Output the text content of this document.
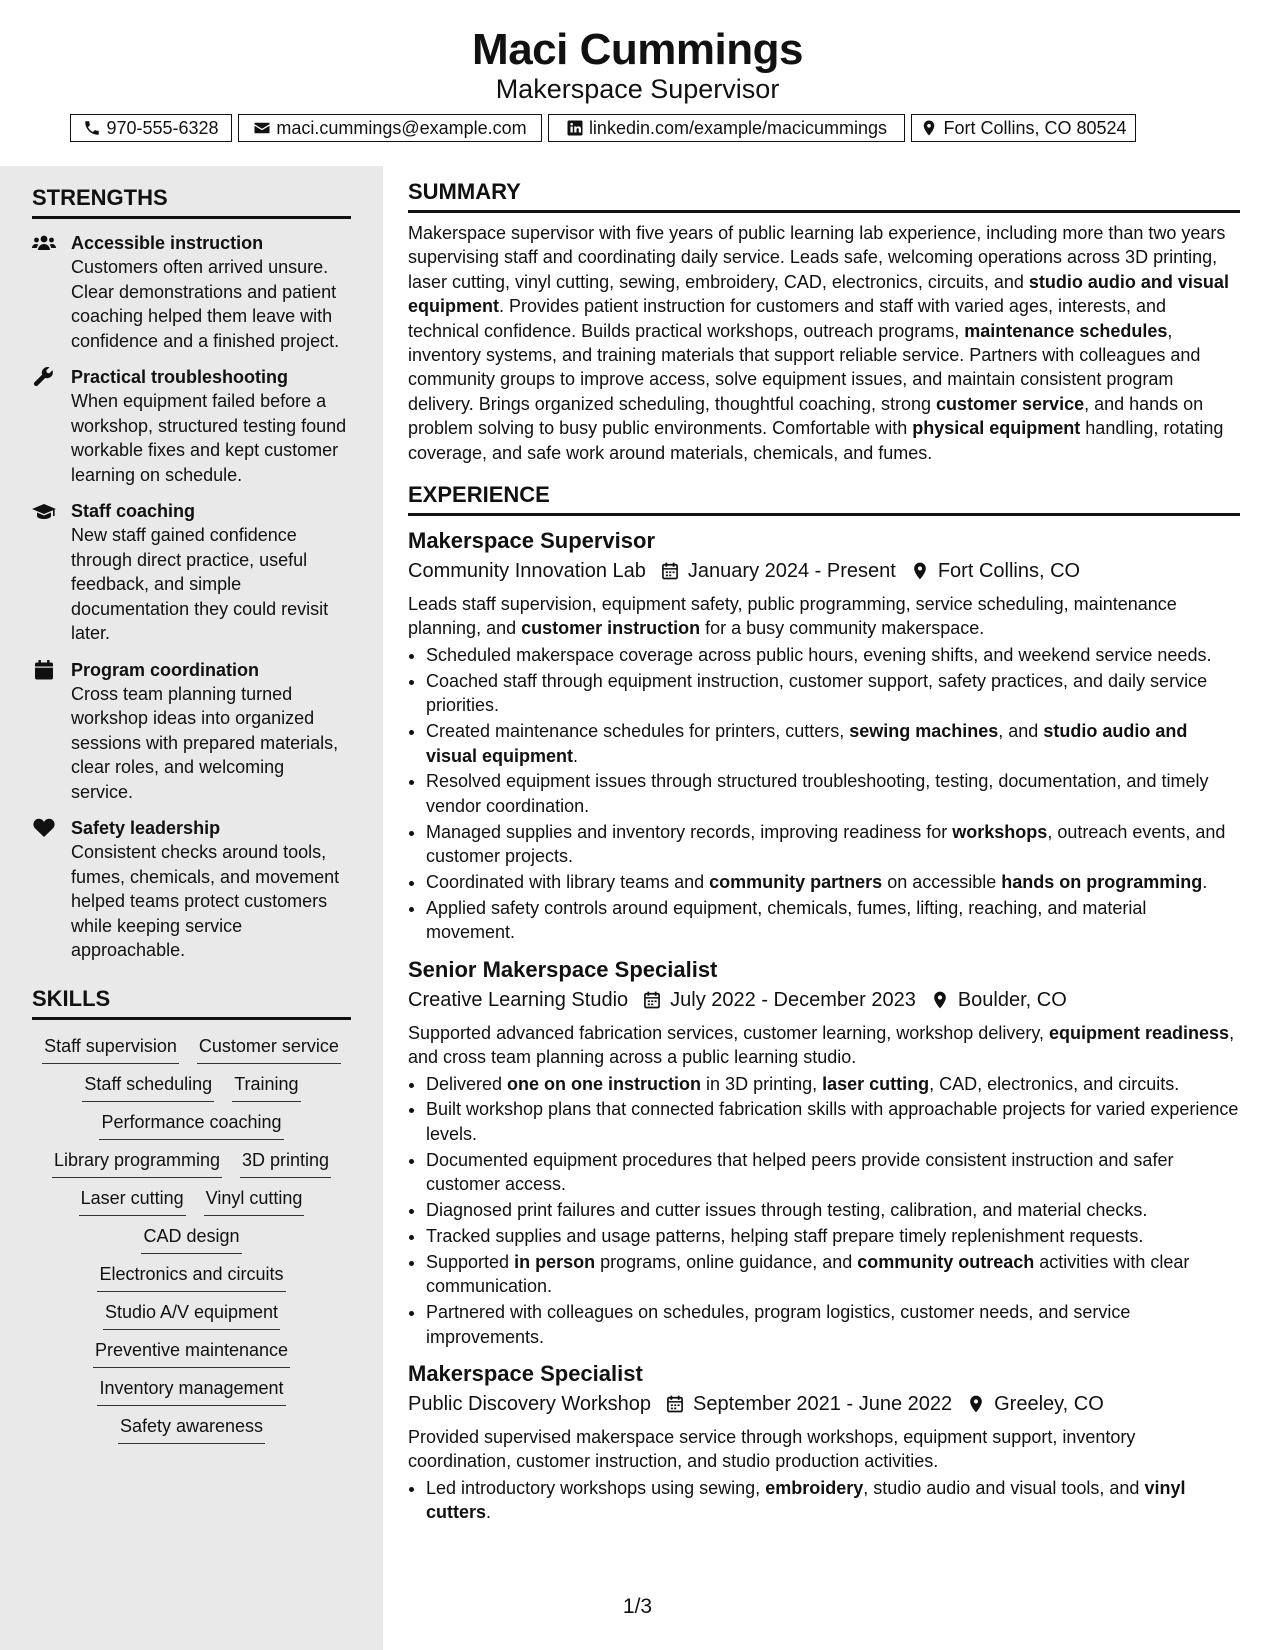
Maci Cummings
Makerspace Supervisor
970-555-6328	maci.cummings@example.com	linkedin.com/example/macicummings	Fort Collins, CO 80524
STRENGTHS
Accessible instruction
Customers often arrived unsure. Clear demonstrations and patient coaching helped them leave with confidence and a finished project.
Practical troubleshooting
When equipment failed before a workshop, structured testing found workable fixes and kept customer learning on schedule.
Staff coaching
New staff gained confidence through direct practice, useful feedback, and simple documentation they could revisit later.
Program coordination
Cross team planning turned workshop ideas into organized sessions with prepared materials, clear roles, and welcoming service.
Safety leadership
Consistent checks around tools, fumes, chemicals, and movement helped teams protect customers while keeping service approachable.
SKILLS
Staff supervision Customer service
Staff scheduling Training
Performance coaching
Library programming 3D printing
Laser cutting Vinyl cutting
CAD design
Electronics and circuits
Studio A/V equipment
Preventive maintenance
Inventory management
Safety awareness
SUMMARY
Makerspace supervisor with five years of public learning lab experience, including more than two years supervising staff and coordinating daily service. Leads safe, welcoming operations across 3D printing, laser cutting, vinyl cutting, sewing, embroidery, CAD, electronics, circuits, and studio audio and visual equipment. Provides patient instruction for customers and staff with varied ages, interests, and technical confidence. Builds practical workshops, outreach programs, maintenance schedules, inventory systems, and training materials that support reliable service. Partners with colleagues and community groups to improve access, solve equipment issues, and maintain consistent program delivery. Brings organized scheduling, thoughtful coaching, strong customer service, and hands on problem solving to busy public environments. Comfortable with physical equipment handling, rotating coverage, and safe work around materials, chemicals, and fumes.
EXPERIENCE
Makerspace Supervisor
Community Innovation Lab January 2024 - Present Fort Collins, CO
Leads staff supervision, equipment safety, public programming, service scheduling, maintenance planning, and customer instruction for a busy community makerspace.
• Scheduled makerspace coverage across public hours, evening shifts, and weekend service needs.
• Coached staff through equipment instruction, customer support, safety practices, and daily service priorities.
• Created maintenance schedules for printers, cutters, sewing machines, and studio audio and visual equipment.
• Resolved equipment issues through structured troubleshooting, testing, documentation, and timely vendor coordination.
• Managed supplies and inventory records, improving readiness for workshops, outreach events, and customer projects.
• Coordinated with library teams and community partners on accessible hands on programming.
• Applied safety controls around equipment, chemicals, fumes, lifting, reaching, and material movement.
Senior Makerspace Specialist
Creative Learning Studio July 2022 - December 2023 Boulder, CO
Supported advanced fabrication services, customer learning, workshop delivery, equipment readiness, and cross team planning across a public learning studio.
• Delivered one on one instruction in 3D printing, laser cutting, CAD, electronics, and circuits.
• Built workshop plans that connected fabrication skills with approachable projects for varied experience levels.
• Documented equipment procedures that helped peers provide consistent instruction and safer customer access.
• Diagnosed print failures and cutter issues through testing, calibration, and material checks.
• Tracked supplies and usage patterns, helping staff prepare timely replenishment requests.
• Supported in person programs, online guidance, and community outreach activities with clear communication.
• Partnered with colleagues on schedules, program logistics, customer needs, and service improvements.
Makerspace Specialist
Public Discovery Workshop September 2021 - June 2022 Greeley, CO
Provided supervised makerspace service through workshops, equipment support, inventory coordination, customer instruction, and studio production activities.
• Led introductory workshops using sewing, embroidery, studio audio and visual tools, and vinyl cutters.
1/3
